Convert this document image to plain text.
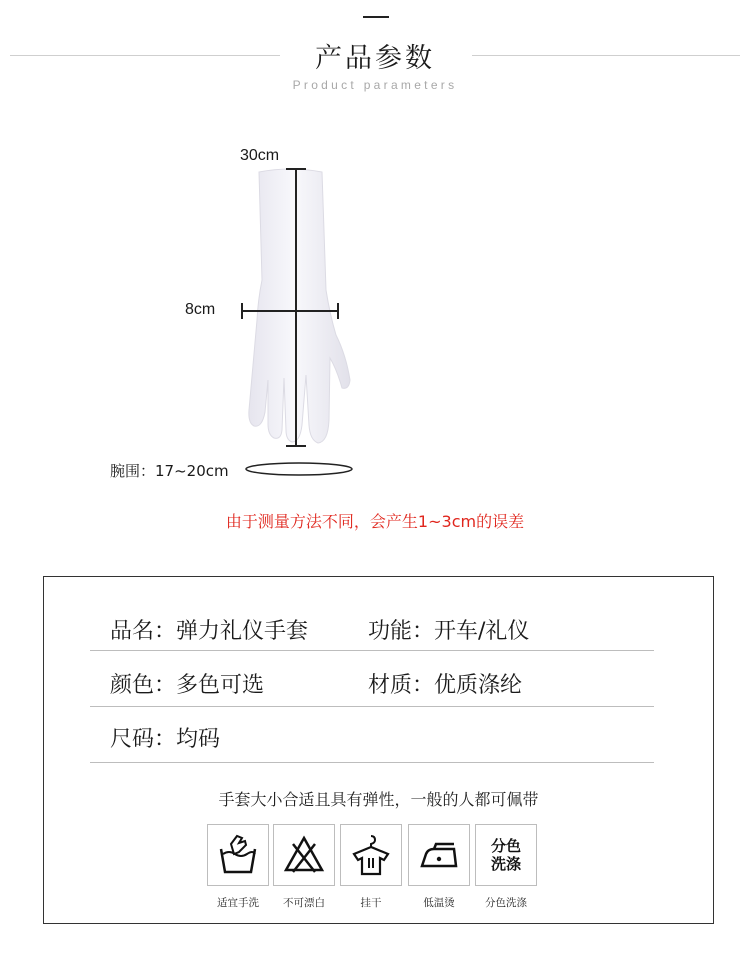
产品参数
Product parameters
30cm
8cm
腕围：17~20cm
由于测量方法不同，会产生1~3cm的误差
品名：弹力礼仪手套	功能：开车/礼仪
颜色：多色可选	材质：优质涤纶
尺码：均码
手套大小合适且具有弹性，一般的人都可佩带
分色洗涤
适宜手洗	不可漂白	挂干	低温烫	分色洗涤
